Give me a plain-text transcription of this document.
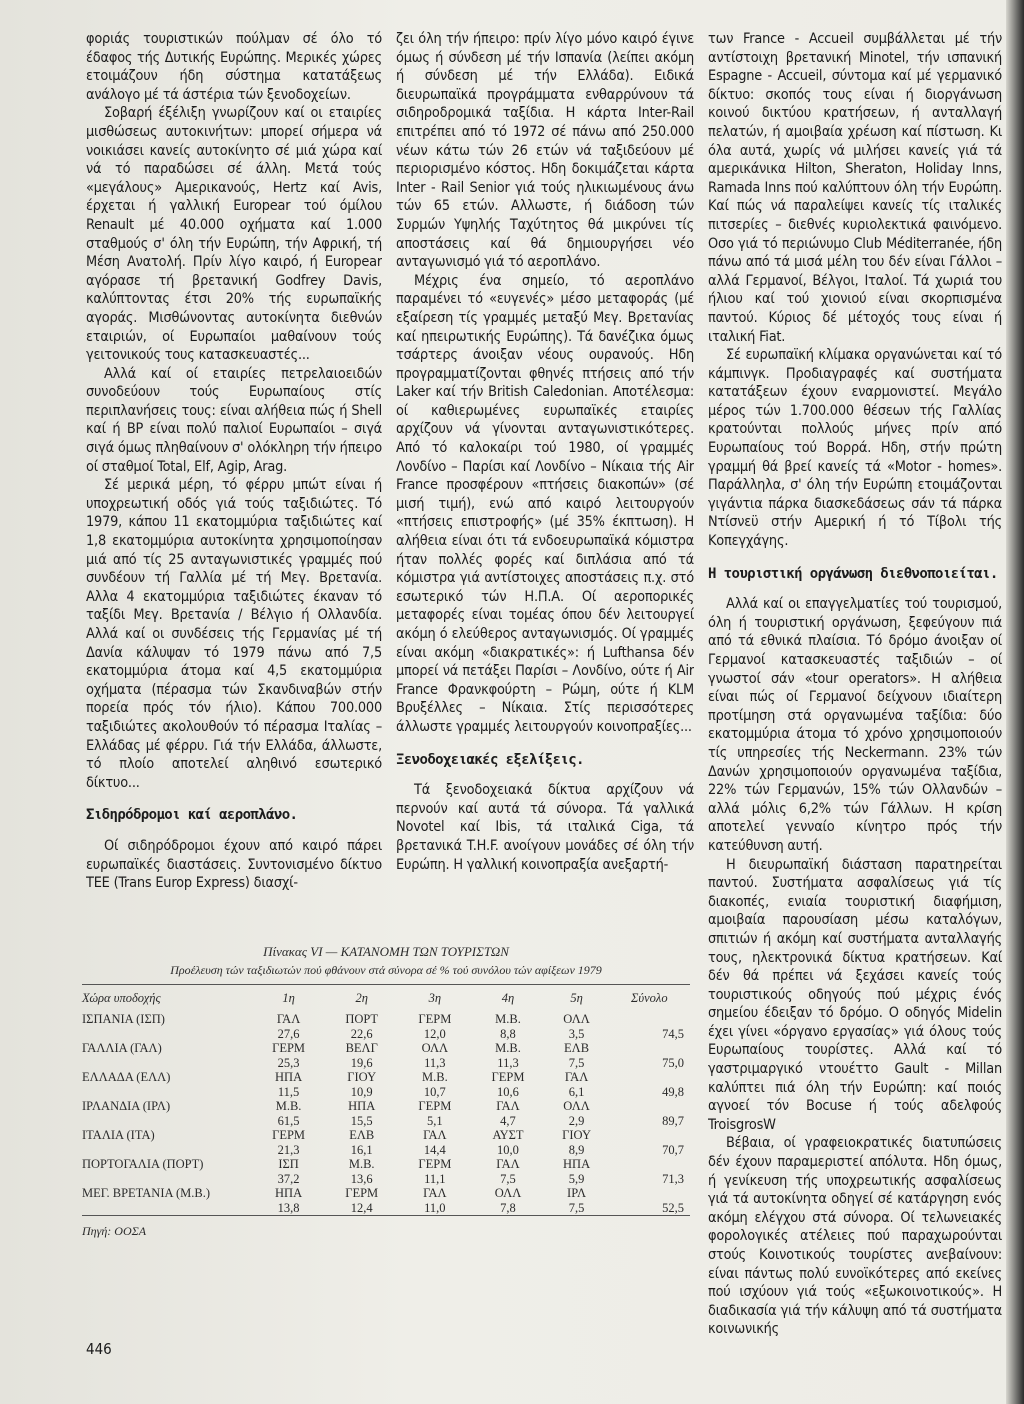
φοριάς τουριστικών πούλμαν σέ όλο τό έδαφος τής Δυτικής Ευρώπης. Μερικές χώρες ετοιμάζουν ήδη σύστημα κατατάξεως ανάλογο μέ τά άστέρια τών ξενοδοχείων.

Σοβαρή έξέλιξη γνωρίζουν καί οι εταιρίες μισθώσεως αυτοκινήτων: μπορεί σήμερα νά νοικιάσει κανείς αυτοκίνητο σέ μιά χώρα καί νά τό παραδώσει σέ άλλη. Μετά τούς «μεγάλους» Αμερικανούς, Hertz καί Avis, έρχεται ή γαλλική Europear τού όμίλου Renault μέ 40.000 οχήματα καί 1.000 σταθμούς σ' όλη τήν Ευρώπη, τήν Αφρική, τή Μέση Ανατολή. Πρίν λίγο καιρό, ή Europear αγόρασε τή βρετανική Godfrey Davis, καλύπτοντας έτσι 20% τής ευρωπαϊκής αγοράς. Μισθώνοντας αυτοκίνητα διεθνών εταιριών, οί Ευρωπαίοι μαθαίνουν τούς γειτονικούς τους κατασκευαστές...

Αλλά καί οί εταιρίες πετρελαιοειδών συνοδεύουν τούς Ευρωπαίους στίς περιπλανήσεις τους: είναι αλήθεια πώς ή Shell καί ή BP είναι πολύ παλιοί Ευρωπαίοι – σιγά σιγά όμως πληθαίνουν σ' ολόκληρη τήν ήπειρο οί σταθμοί Total, Elf, Agip, Arag.

Σέ μερικά μέρη, τό φέρρυ μπώτ είναι ή υποχρεωτική οδός γιά τούς ταξιδιώτες. Τό 1979, κάπου 11 εκατομμύρια ταξιδιώτες καί 1,8 εκατομμύρια αυτοκίνητα χρησιμοποίησαν μιά από τίς 25 ανταγωνιστικές γραμμές πού συνδέουν τή Γαλλία μέ τή Μεγ. Βρετανία. Αλλα 4 εκατομμύρια ταξιδιώτες έκαναν τό ταξίδι Μεγ. Βρετανία / Βέλγιο ή Ολλανδία. Αλλά καί οι συνδέσεις τής Γερμανίας μέ τή Δανία κάλυψαν τό 1979 πάνω από 7,5 εκατομμύρια άτομα καί 4,5 εκατομμύρια οχήματα (πέρασμα τών Σκανδιναβών στήν πορεία πρός τόν ήλιο). Κάπου 700.000 ταξιδιώτες ακολουθούν τό πέρασμα Ιταλίας – Ελλάδας μέ φέρρυ. Γιά τήν Ελλάδα, άλλωστε, τό πλοίο αποτελεί αληθινό εσωτερικό δίκτυο...

Σιδηρόδρομοι καί αεροπλάνο.

Οί σιδηρόδρομοι έχουν από καιρό πάρει ευρωπαϊκές διαστάσεις. Συντονισμένο δίκτυο TEE (Trans Europ Express) διασχί-

ζει όλη τήν ήπειρο: πρίν λίγο μόνο καιρό έγινε όμως ή σύνδεση μέ τήν Ισπανία (λείπει ακόμη ή σύνδεση μέ τήν Ελλάδα). Ειδικά διευρωπαϊκά προγράμματα ενθαρρύνουν τά σιδηροδρομικά ταξίδια. Η κάρτα Inter-Rail επιτρέπει από τό 1972 σέ πάνω από 250.000 νέων κάτω τών 26 ετών νά ταξιδεύουν μέ περιορισμένο κόστος. Ηδη δοκιμάζεται κάρτα Inter - Rail Senior γιά τούς ηλικιωμένους άνω τών 65 ετών. Αλλωστε, ή διάδοση τών Συρμών Υψηλής Ταχύτητος θά μικρύνει τίς αποστάσεις καί θά δημιουργήσει νέο ανταγωνισμό γιά τό αεροπλάνο.

Μέχρις ένα σημείο, τό αεροπλάνο παραμένει τό «ευγενές» μέσο μεταφοράς (μέ εξαίρεση τίς γραμμές μεταξύ Μεγ. Βρετανίας καί ηπειρωτικής Ευρώπης). Τά δανέζικα όμως τσάρτερς άνοιξαν νέους ουρανούς. Ηδη προγραμματίζονται φθηνές πτήσεις από τήν Laker καί τήν British Caledonian. Αποτέλεσμα: οί καθιερωμένες ευρωπαϊκές εταιρίες αρχίζουν νά γίνονται ανταγωνιστικότερες. Από τό καλοκαίρι τού 1980, οί γραμμές Λονδίνο – Παρίσι καί Λονδίνο – Νίκαια τής Air France προσφέρουν «πτήσεις διακοπών» (σέ μισή τιμή), ενώ από καιρό λειτουργούν «πτήσεις επιστροφής» (μέ 35% έκπτωση). Η αλήθεια είναι ότι τά ενδοευρωπαϊκά κόμιστρα ήταν πολλές φορές καί διπλάσια από τά κόμιστρα γιά αντίστοιχες αποστάσεις π.χ. στό εσωτερικό τών Η.Π.Α. Οί αεροπορικές μεταφορές είναι τομέας όπου δέν λειτουργεί ακόμη ό ελεύθερος ανταγωνισμός. Οί γραμμές είναι ακόμη «διακρατικές»: ή Lufthansa δέν μπορεί νά πετάξει Παρίσι – Λονδίνο, ούτε ή Air France Φρανκφούρτη – Ρώμη, ούτε ή KLM Βρυξέλλες – Νίκαια. Στίς περισσότερες άλλωστε γραμμές λειτουργούν κοινοπραξίες...

Ξενοδοχειακές εξελίξεις.

Τά ξενοδοχειακά δίκτυα αρχίζουν νά περνούν καί αυτά τά σύνορα. Τά γαλλικά Novotel καί Ibis, τά ιταλικά Ciga, τά βρετανικά T.H.F. ανοίγουν μονάδες σέ όλη τήν Ευρώπη. Η γαλλική κοινοπραξία ανεξαρτή-

των France - Accueil συμβάλλεται μέ τήν αντίστοιχη βρετανική Minotel, τήν ισπανική Espagne - Accueil, σύντομα καί μέ γερμανικό δίκτυο: σκοπός τους είναι ή διοργάνωση κοινού δικτύου κρατήσεων, ή ανταλλαγή πελατών, ή αμοιβαία χρέωση καί πίστωση. Κι όλα αυτά, χωρίς νά μιλήσει κανείς γιά τά αμερικάνικα Hilton, Sheraton, Holiday Inns, Ramada Inns πού καλύπτουν όλη τήν Ευρώπη. Καί πώς νά παραλείψει κανείς τίς ιταλικές πιτσερίες – διεθνές κυριολεκτικά φαινόμενο. Οσο γιά τό περιώνυμο Club Méditerranée, ήδη πάνω από τά μισά μέλη του δέν είναι Γάλλοι – αλλά Γερμανοί, Βέλγοι, Ιταλοί. Τά χωριά του ήλιου καί τού χιονιού είναι σκορπισμένα παντού. Κύριος δέ μέτοχός τους είναι ή ιταλική Fiat.

Σέ ευρωπαϊκή κλίμακα οργανώνεται καί τό κάμπινγκ. Προδιαγραφές καί συστήματα κατατάξεων έχουν εναρμονιστεί. Μεγάλο μέρος τών 1.700.000 θέσεων τής Γαλλίας κρατούνται πολλούς μήνες πρίν από Ευρωπαίους τού Βορρά. Ηδη, στήν πρώτη γραμμή θά βρεί κανείς τά «Motor - homes». Παράλληλα, σ' όλη τήν Ευρώπη ετοιμάζονται γιγάντια πάρκα διασκεδάσεως σάν τά πάρκα Ντίσνεϋ στήν Αμερική ή τό Τίβολι τής Κοπεγχάγης.

Η τουριστική οργάνωση διεθνοποιείται.

Αλλά καί οι επαγγελματίες τού τουρισμού, όλη ή τουριστική οργάνωση, ξεφεύγουν πιά από τά εθνικά πλαίσια. Τό δρόμο άνοιξαν οί Γερμανοί κατασκευαστές ταξιδιών – οί γνωστοί σάν «tour operators». Η αλήθεια είναι πώς οί Γερμανοί δείχνουν ιδιαίτερη προτίμηση στά οργανωμένα ταξίδια: δύο εκατομμύρια άτομα τό χρόνο χρησιμοποιούν τίς υπηρεσίες τής Neckermann. 23% τών Δανών χρησιμοποιούν οργανωμένα ταξίδια, 22% τών Γερμανών, 15% τών Ολλανδών – αλλά μόλις 6,2% τών Γάλλων. Η κρίση αποτελεί γενναίο κίνητρο πρός τήν κατεύθυνση αυτή.

Η διευρωπαϊκή διάσταση παρατηρείται παντού. Συστήματα ασφαλίσεως γιά τίς διακοπές, ενιαία τουριστική διαφήμιση, αμοιβαία παρουσίαση μέσω καταλόγων, σπιτιών ή ακόμη καί συστήματα ανταλλαγής τους, ηλεκτρονικά δίκτυα κρατήσεων. Καί δέν θά πρέπει νά ξεχάσει κανείς τούς τουριστικούς οδηγούς πού μέχρις ένός σημείου έδειξαν τό δρόμο. Ο οδηγός Midelin έχει γίνει «όργανο εργασίας» γιά όλους τούς Ευρωπαίους τουρίστες. Αλλά καί τό γαστριμαργικό ντουέττο Gault - Millan καλύπτει πιά όλη τήν Ευρώπη: καί ποιός αγνοεί τόν Bocuse ή τούς αδελφούς TroisgrosW

Βέβαια, οί γραφειοκρατικές διατυπώσεις δέν έχουν παραμεριστεί απόλυτα. Ηδη όμως, ή γενίκευση τής υποχρεωτικής ασφαλίσεως γιά τά αυτοκίνητα οδηγεί σέ κατάργηση ενός ακόμη ελέγχου στά σύνορα. Οί τελωνειακές φορολογικές ατέλειες πού παραχωρούνται στούς Κοινοτικούς τουρίστες ανεβαίνουν: είναι πάντως πολύ ευνοϊκότερες από εκείνες πού ισχύουν γιά τούς «εξωκοινοτικούς». Η διαδικασία γιά τήν κάλυψη από τά συστήματα κοινωνικής

Πίνακας VI — ΚΑΤΑΝΟΜΗ ΤΩΝ ΤΟΥΡΙΣΤΩΝ
Προέλευση τών ταξιδιωτών πού φθάνουν στά σύνορα σέ % τού συνόλου τών αφίξεων 1979
Χώρα υποδοχής	1η	2η	3η	4η	5η	Σύνολο
ΙΣΠΑΝΙΑ (ΙΣΠ)	ΓΑΛ	ΠΟΡΤ	ΓΕΡΜ	Μ.Β.	ΟΛΛ	
	27,6	22,6	12,0	8,8	3,5	74,5
ΓΑΛΛΙΑ (ΓΑΛ)	ΓΕΡΜ	ΒΕΛΓ	ΟΛΛ	Μ.Β.	ΕΛΒ	
	25,3	19,6	11,3	11,3	7,5	75,0
ΕΛΛΑΔΑ (ΕΛΛ)	ΗΠΑ	ΓΙΟΥ	Μ.Β.	ΓΕΡΜ	ΓΑΛ	
	11,5	10,9	10,7	10,6	6,1	49,8
ΙΡΛΑΝΔΙΑ (ΙΡΛ)	Μ.Β.	ΗΠΑ	ΓΕΡΜ	ΓΑΛ	ΟΛΛ	
	61,5	15,5	5,1	4,7	2,9	89,7
ΙΤΑΛΙΑ (ΙΤΑ)	ΓΕΡΜ	ΕΛΒ	ΓΑΛ	ΑΥΣΤ	ΓΙΟΥ	
	21,3	16,1	14,4	10,0	8,9	70,7
ΠΟΡΤΟΓΑΛΙΑ (ΠΟΡΤ)	ΙΣΠ	Μ.Β.	ΓΕΡΜ	ΓΑΛ	ΗΠΑ	
	37,2	13,6	11,1	7,5	5,9	71,3
ΜΕΓ. ΒΡΕΤΑΝΙΑ (Μ.Β.)	ΗΠΑ	ΓΕΡΜ	ΓΑΛ	ΟΛΛ	ΙΡΛ	
	13,8	12,4	11,0	7,8	7,5	52,5
Πηγή: ΟΟΣΑ
446
